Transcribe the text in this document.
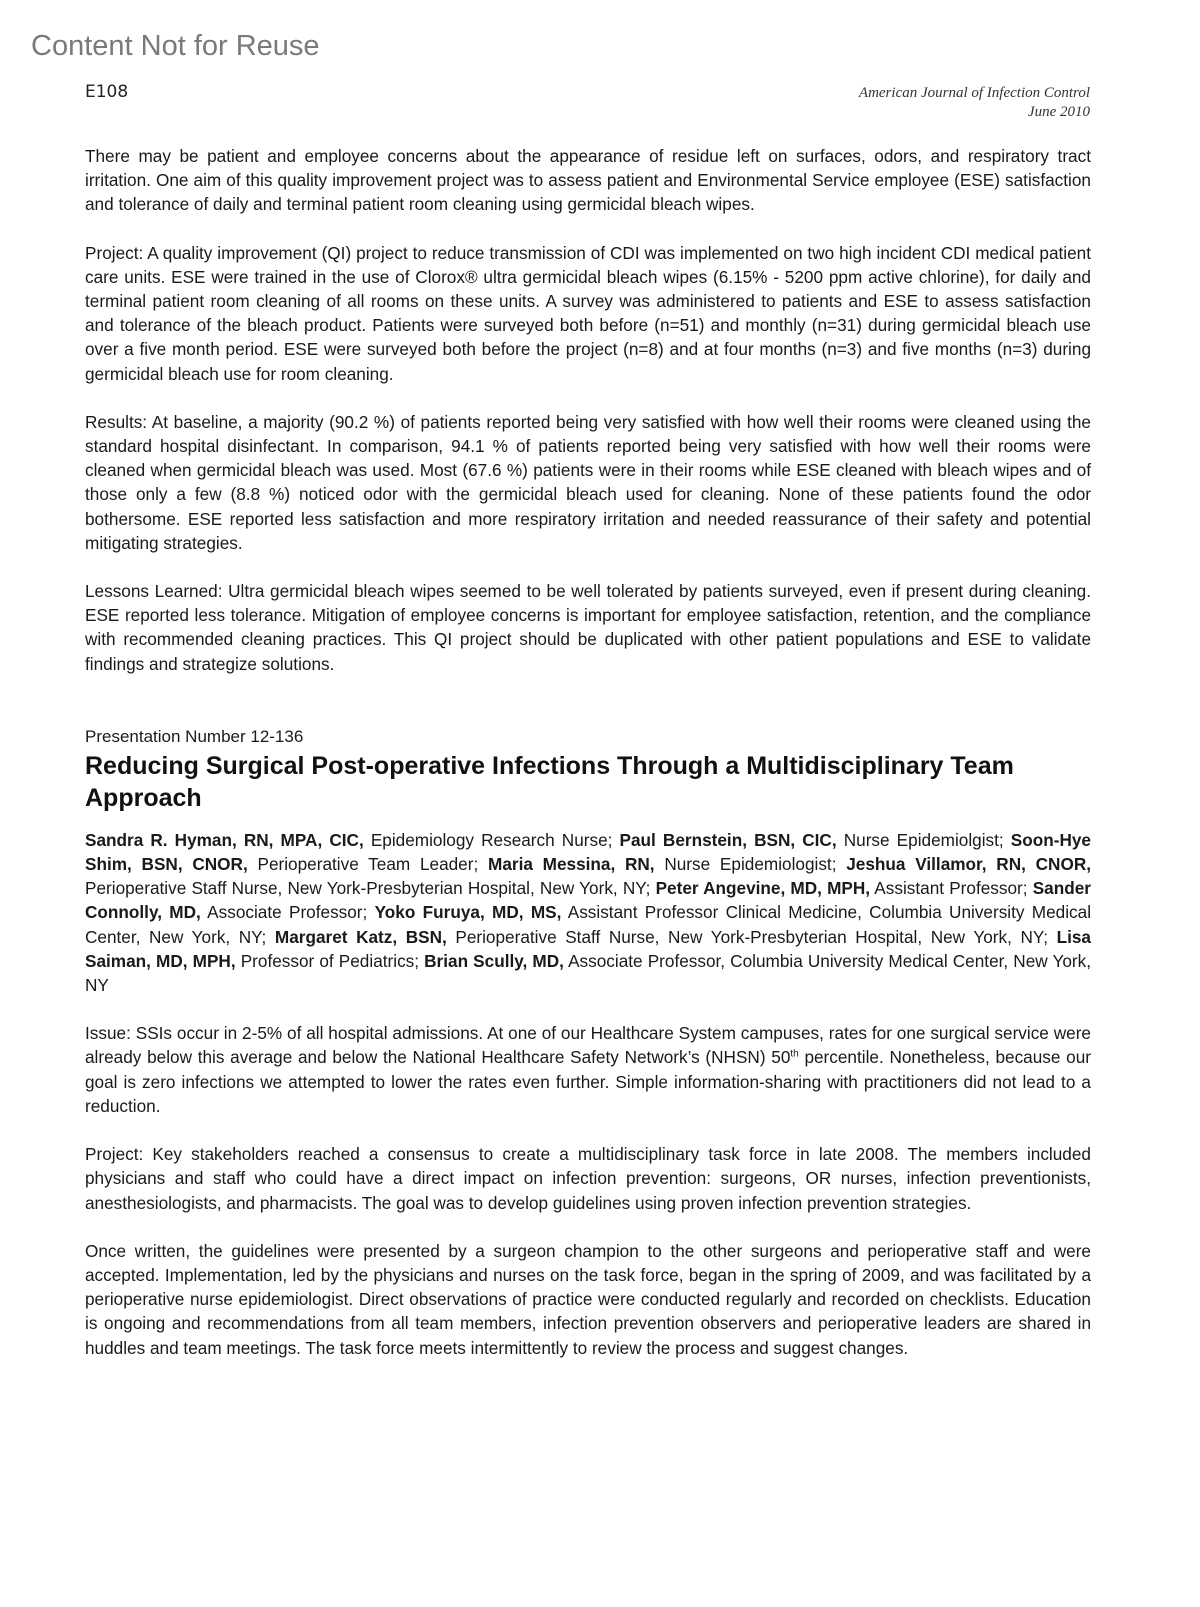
Content Not for Reuse
E108	American Journal of Infection Control
June 2010

There may be patient and employee concerns about the appearance of residue left on surfaces, odors, and respiratory tract irritation. One aim of this quality improvement project was to assess patient and Environmental Service employee (ESE) satisfaction and tolerance of daily and terminal patient room cleaning using germicidal bleach wipes.

Project: A quality improvement (QI) project to reduce transmission of CDI was implemented on two high incident CDI medical patient care units. ESE were trained in the use of Clorox® ultra germicidal bleach wipes (6.15% - 5200 ppm active chlorine), for daily and terminal patient room cleaning of all rooms on these units. A survey was administered to patients and ESE to assess satisfaction and tolerance of the bleach product. Patients were surveyed both before (n=51) and monthly (n=31) during germicidal bleach use over a five month period. ESE were surveyed both before the project (n=8) and at four months (n=3) and five months (n=3) during germicidal bleach use for room cleaning.

Results: At baseline, a majority (90.2 %) of patients reported being very satisfied with how well their rooms were cleaned using the standard hospital disinfectant. In comparison, 94.1 % of patients reported being very satisfied with how well their rooms were cleaned when germicidal bleach was used. Most (67.6 %) patients were in their rooms while ESE cleaned with bleach wipes and of those only a few (8.8 %) noticed odor with the germicidal bleach used for cleaning. None of these patients found the odor bothersome. ESE reported less satisfaction and more respiratory irritation and needed reassurance of their safety and potential mitigating strategies.

Lessons Learned: Ultra germicidal bleach wipes seemed to be well tolerated by patients surveyed, even if present during cleaning. ESE reported less tolerance. Mitigation of employee concerns is important for employee satisfaction, retention, and the compliance with recommended cleaning practices. This QI project should be duplicated with other patient populations and ESE to validate findings and strategize solutions.

Presentation Number 12-136
Reducing Surgical Post-operative Infections Through a Multidisciplinary Team Approach

Sandra R. Hyman, RN, MPA, CIC, Epidemiology Research Nurse; Paul Bernstein, BSN, CIC, Nurse Epidemiolgist; Soon-Hye Shim, BSN, CNOR, Perioperative Team Leader; Maria Messina, RN, Nurse Epidemiologist; Jeshua Villamor, RN, CNOR, Perioperative Staff Nurse, New York-Presbyterian Hospital, New York, NY; Peter Angevine, MD, MPH, Assistant Professor; Sander Connolly, MD, Associate Professor; Yoko Furuya, MD, MS, Assistant Professor Clinical Medicine, Columbia University Medical Center, New York, NY; Margaret Katz, BSN, Perioperative Staff Nurse, New York-Presbyterian Hospital, New York, NY; Lisa Saiman, MD, MPH, Professor of Pediatrics; Brian Scully, MD, Associate Professor, Columbia University Medical Center, New York, NY

Issue: SSIs occur in 2-5% of all hospital admissions. At one of our Healthcare System campuses, rates for one surgical service were already below this average and below the National Healthcare Safety Network’s (NHSN) 50th percentile. Nonetheless, because our goal is zero infections we attempted to lower the rates even further. Simple information-sharing with practitioners did not lead to a reduction.

Project: Key stakeholders reached a consensus to create a multidisciplinary task force in late 2008. The members included physicians and staff who could have a direct impact on infection prevention: surgeons, OR nurses, infection preventionists, anesthesiologists, and pharmacists. The goal was to develop guidelines using proven infection prevention strategies.

Once written, the guidelines were presented by a surgeon champion to the other surgeons and perioperative staff and were accepted. Implementation, led by the physicians and nurses on the task force, began in the spring of 2009, and was facilitated by a perioperative nurse epidemiologist. Direct observations of practice were conducted regularly and recorded on checklists. Education is ongoing and recommendations from all team members, infection prevention observers and perioperative leaders are shared in huddles and team meetings. The task force meets intermittently to review the process and suggest changes.
